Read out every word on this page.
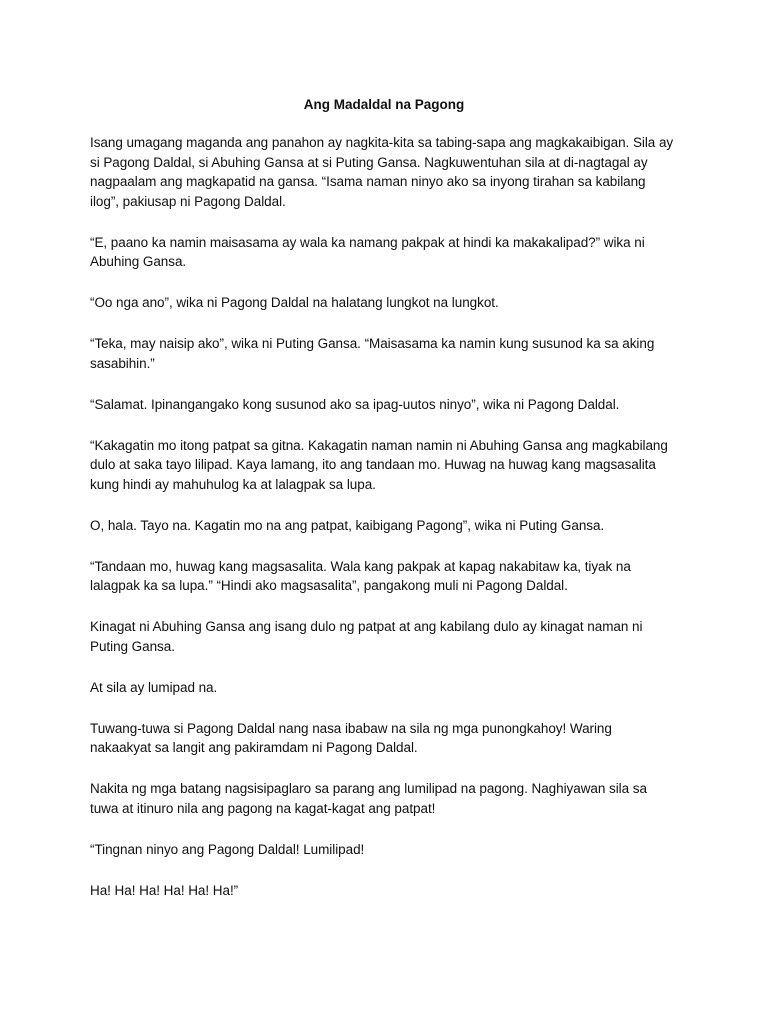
Ang Madaldal na Pagong

Isang umagang maganda ang panahon ay nagkita-kita sa tabing-sapa ang magkakaibigan. Sila ay si Pagong Daldal, si Abuhing Gansa at si Puting Gansa. Nagkuwentuhan sila at di-nagtagal ay nagpaalam ang magkapatid na gansa. “Isama naman ninyo ako sa inyong tirahan sa kabilang ilog”, pakiusap ni Pagong Daldal.

“E, paano ka namin maisasama ay wala ka namang pakpak at hindi ka makakalipad?” wika ni Abuhing Gansa.

“Oo nga ano”, wika ni Pagong Daldal na halatang lungkot na lungkot.

“Teka, may naisip ako”, wika ni Puting Gansa. “Maisasama ka namin kung susunod ka sa aking sasabihin.”

“Salamat. Ipinangangako kong susunod ako sa ipag-uutos ninyo”, wika ni Pagong Daldal.

“Kakagatin mo itong patpat sa gitna. Kakagatin naman namin ni Abuhing Gansa ang magkabilang dulo at saka tayo lilipad. Kaya lamang, ito ang tandaan mo. Huwag na huwag kang magsasalita kung hindi ay mahuhulog ka at lalagpak sa lupa.

O, hala. Tayo na. Kagatin mo na ang patpat, kaibigang Pagong”, wika ni Puting Gansa.

“Tandaan mo, huwag kang magsasalita. Wala kang pakpak at kapag nakabitaw ka, tiyak na lalagpak ka sa lupa.” “Hindi ako magsasalita”, pangakong muli ni Pagong Daldal.

Kinagat ni Abuhing Gansa ang isang dulo ng patpat at ang kabilang dulo ay kinagat naman ni Puting Gansa.

At sila ay lumipad na.

Tuwang-tuwa si Pagong Daldal nang nasa ibabaw na sila ng mga punongkahoy! Waring nakaakyat sa langit ang pakiramdam ni Pagong Daldal.

Nakita ng mga batang nagsisipaglaro sa parang ang lumilipad na pagong. Naghiyawan sila sa tuwa at itinuro nila ang pagong na kagat-kagat ang patpat!

“Tingnan ninyo ang Pagong Daldal! Lumilipad!

Ha! Ha! Ha! Ha! Ha! Ha!”
